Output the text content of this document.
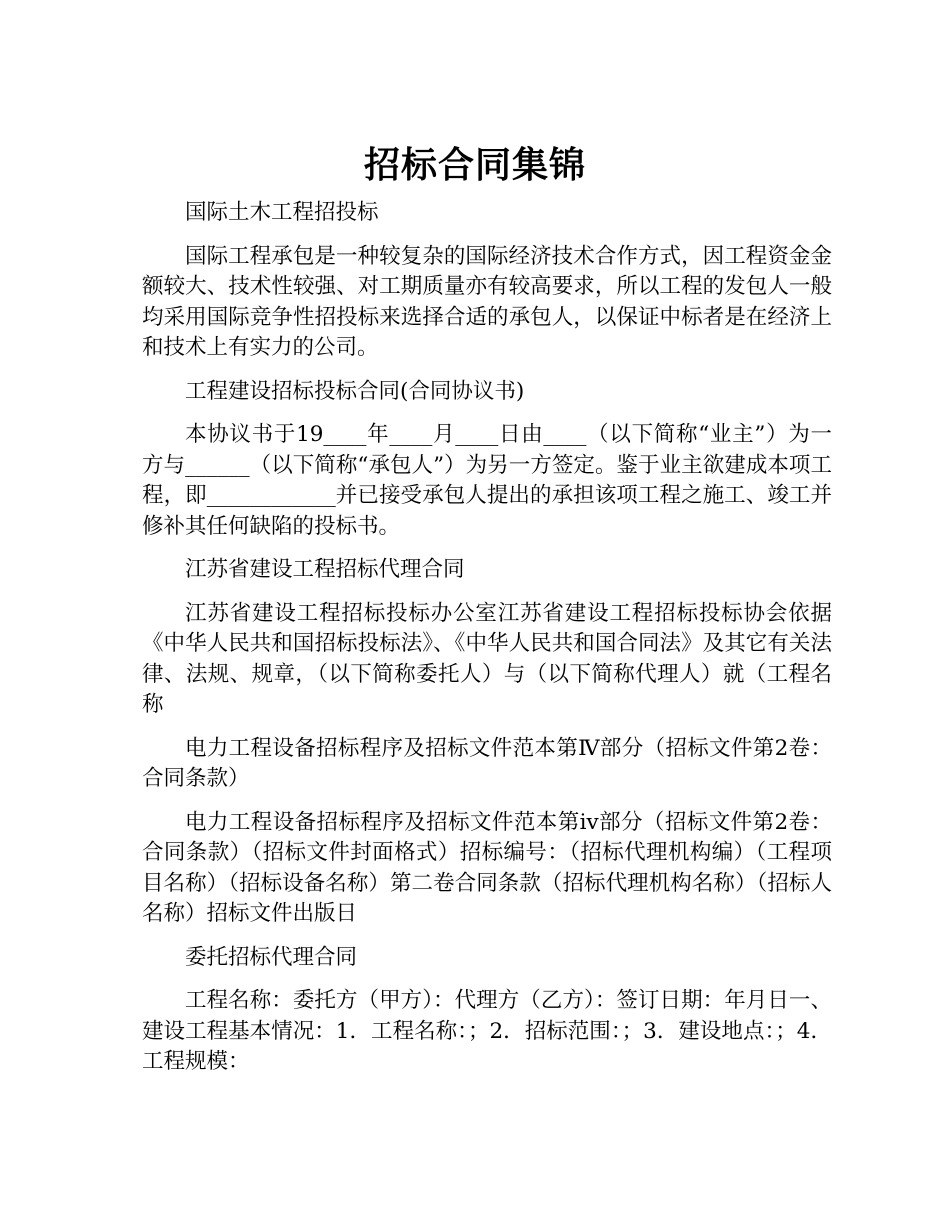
招标合同集锦

国际土木工程招投标

国际工程承包是一种较复杂的国际经济技术合作方式，因工程资金金额较大、技术性较强、对工期质量亦有较高要求，所以工程的发包人一般均采用国际竞争性招投标来选择合适的承包人，以保证中标者是在经济上和技术上有实力的公司。

工程建设招标投标合同(合同协议书)

本协议书于19____年____月____日由____（以下简称“业主”）为一方与______（以下简称“承包人”）为另一方签定。鉴于业主欲建成本项工程，即____________并已接受承包人提出的承担该项工程之施工、竣工并修补其任何缺陷的投标书。

江苏省建设工程招标代理合同

江苏省建设工程招标投标办公室江苏省建设工程招标投标协会依据《中华人民共和国招标投标法》、《中华人民共和国合同法》及其它有关法律、法规、规章，（以下简称委托人）与（以下简称代理人）就（工程名称

电力工程设备招标程序及招标文件范本第Ⅳ部分（招标文件第2卷：合同条款）

电力工程设备招标程序及招标文件范本第ⅳ部分（招标文件第2卷：合同条款）（招标文件封面格式）招标编号：（招标代理机构编）（工程项目名称）（招标设备名称）第二卷合同条款（招标代理机构名称）（招标人名称）招标文件出版日

委托招标代理合同

工程名称：委托方（甲方）：代理方（乙方）：签订日期：年月日一、建设工程基本情况：1．工程名称：；2．招标范围：；3．建设地点：；4．工程规模：
